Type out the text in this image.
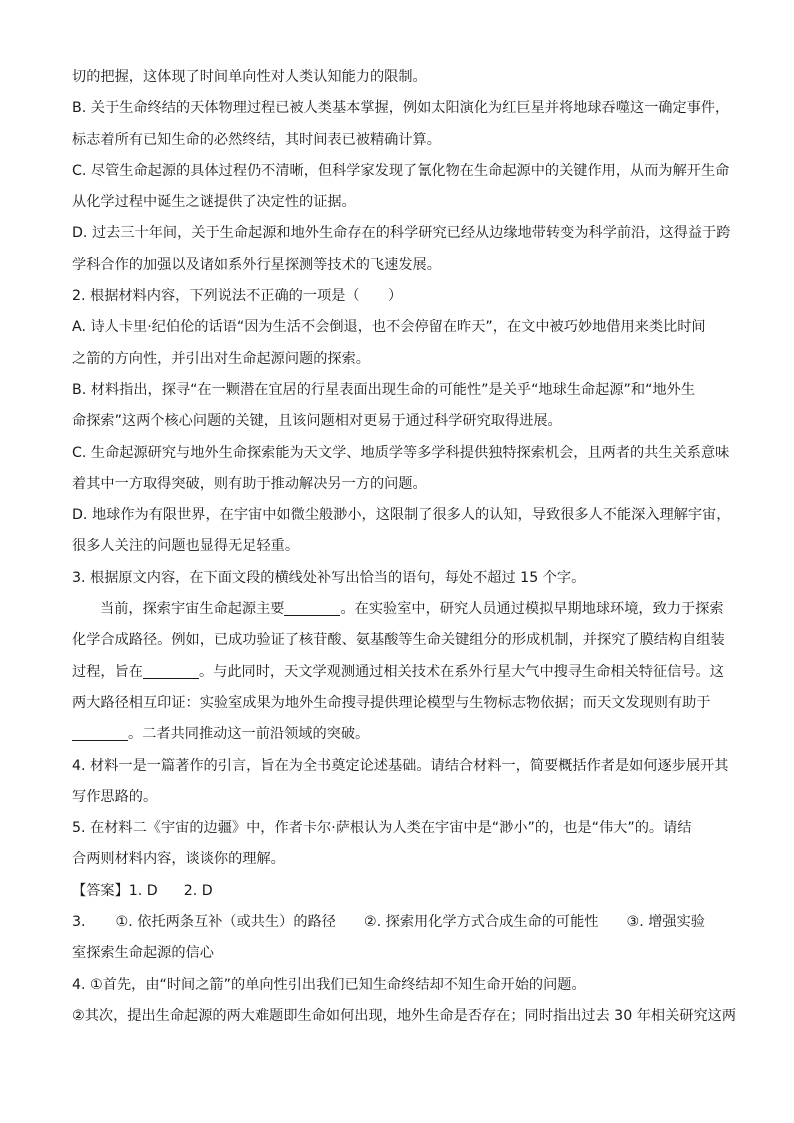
切的把握，这体现了时间单向性对人类认知能力的限制。
B. 关于生命终结的天体物理过程已被人类基本掌握，例如太阳演化为红巨星并将地球吞噬这一确定事件，
标志着所有已知生命的必然终结，其时间表已被精确计算。
C. 尽管生命起源的具体过程仍不清晰，但科学家发现了氰化物在生命起源中的关键作用，从而为解开生命
从化学过程中诞生之谜提供了决定性的证据。
D. 过去三十年间，关于生命起源和地外生命存在的科学研究已经从边缘地带转变为科学前沿，这得益于跨
学科合作的加强以及诸如系外行星探测等技术的飞速发展。
2. 根据材料内容，下列说法不正确的一项是（　　）
A. 诗人卡里·纪伯伦的话语“因为生活不会倒退，也不会停留在昨天”，在文中被巧妙地借用来类比时间
之箭的方向性，并引出对生命起源问题的探索。
B. 材料指出，探寻“在一颗潜在宜居的行星表面出现生命的可能性”是关乎“地球生命起源”和“地外生
命探索”这两个核心问题的关键，且该问题相对更易于通过科学研究取得进展。
C. 生命起源研究与地外生命探索能为天文学、地质学等多学科提供独特探索机会，且两者的共生关系意味
着其中一方取得突破，则有助于推动解决另一方的问题。
D. 地球作为有限世界，在宇宙中如微尘般渺小，这限制了很多人的认知，导致很多人不能深入理解宇宙，
很多人关注的问题也显得无足轻重。
3. 根据原文内容，在下面文段的横线处补写出恰当的语句，每处不超过 15 个字。
当前，探索宇宙生命起源主要	。在实验室中，研究人员通过模拟早期地球环境，致力于探索
化学合成路径。例如，已成功验证了核苷酸、氨基酸等生命关键组分的形成机制，并探究了膜结构自组装
过程，旨在	。与此同时，天文学观测通过相关技术在系外行星大气中搜寻生命相关特征信号。这
两大路径相互印证：实验室成果为地外生命搜寻提供理论模型与生物标志物依据；而天文发现则有助于
。二者共同推动这一前沿领域的突破。
4. 材料一是一篇著作的引言，旨在为全书奠定论述基础。请结合材料一，简要概括作者是如何逐步展开其
写作思路的。
5. 在材料二《宇宙的边疆》中，作者卡尔·萨根认为人类在宇宙中是“渺小”的，也是“伟大”的。请结
合两则材料内容，谈谈你的理解。
【答案】1. D 2. D
3. ①. 依托两条互补（或共生）的路径 ②. 探索用化学方式合成生命的可能性 ③. 增强实验
室探索生命起源的信心
4. ①首先，由“时间之箭”的单向性引出我们已知生命终结却不知生命开始的问题。
②其次，提出生命起源的两大难题即生命如何出现，地外生命是否存在；同时指出过去 30 年相关研究这两
